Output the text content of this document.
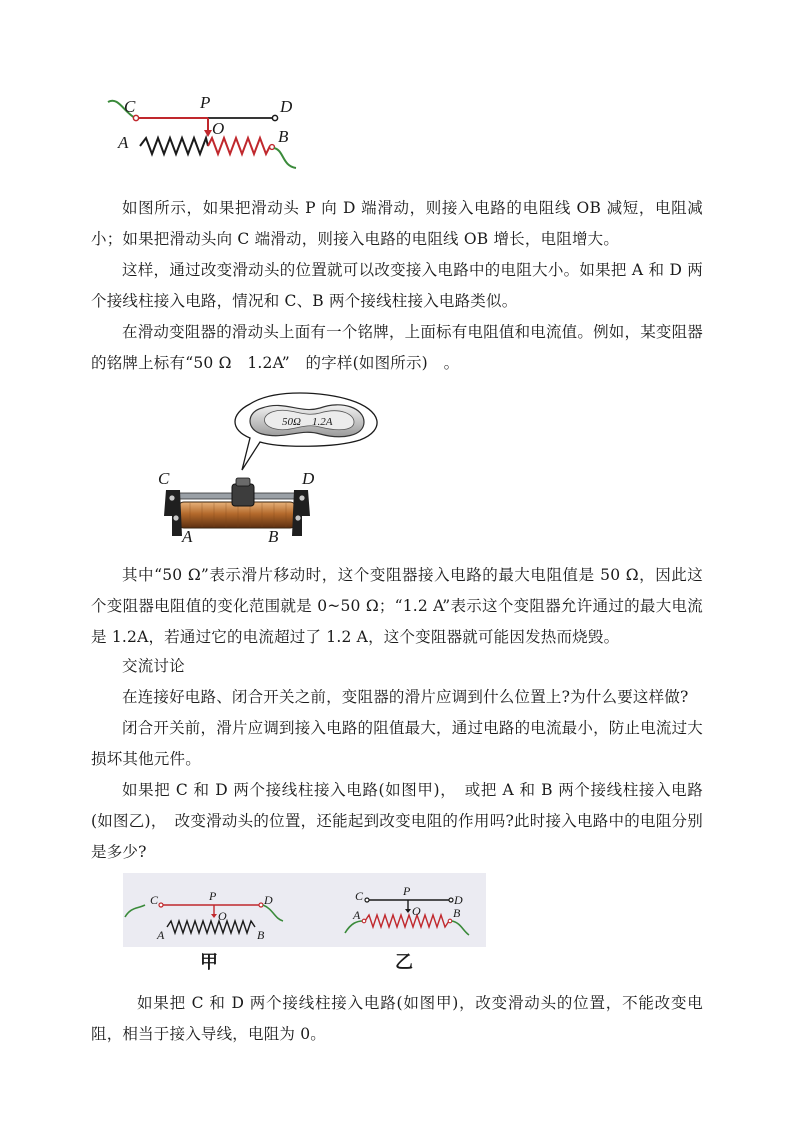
C	P	D
A
O	B
如图所示，如果把滑动头 P 向 D 端滑动，则接入电路的电阻线 OB 减短，电阻减小；如果把滑动头向 C 端滑动，则接入电路的电阻线 OB 增长，电阻增大。
这样，通过改变滑动头的位置就可以改变接入电路中的电阻大小。如果把 A 和 D 两个接线柱接入电路，情况和 C、B 两个接线柱接入电路类似。
在滑动变阻器的滑动头上面有一个铭牌，上面标有电阻值和电流值。例如，某变阻器的铭牌上标有“50 Ω　1.2A”　的字样(如图所示)　。
50Ω　1.2A
C	D
A	B
其中“50 Ω”表示滑片移动时，这个变阻器接入电路的最大电阻值是 50 Ω，因此这个变阻器电阻值的变化范围就是 0~50 Ω；“1.2 A”表示这个变阻器允许通过的最大电流是 1.2A，若通过它的电流超过了 1.2 A，这个变阻器就可能因发热而烧毁。
交流讨论
在连接好电路、闭合开关之前，变阻器的滑片应调到什么位置上?为什么要这样做?
闭合开关前，滑片应调到接入电路的阻值最大，通过电路的电流最小，防止电流过大损坏其他元件。
如果把 C 和 D 两个接线柱接入电路(如图甲)，　或把 A 和 B 两个接线柱接入电路(如图乙)，　改变滑动头的位置，还能起到改变电阻的作用吗?此时接入电路中的电阻分别是多少?
C	P	D
A
O
B
C	P
D
A	O	B
甲	乙
如果把 C 和 D 两个接线柱接入电路(如图甲)，改变滑动头的位置，不能改变电阻，相当于接入导线，电阻为 0。
